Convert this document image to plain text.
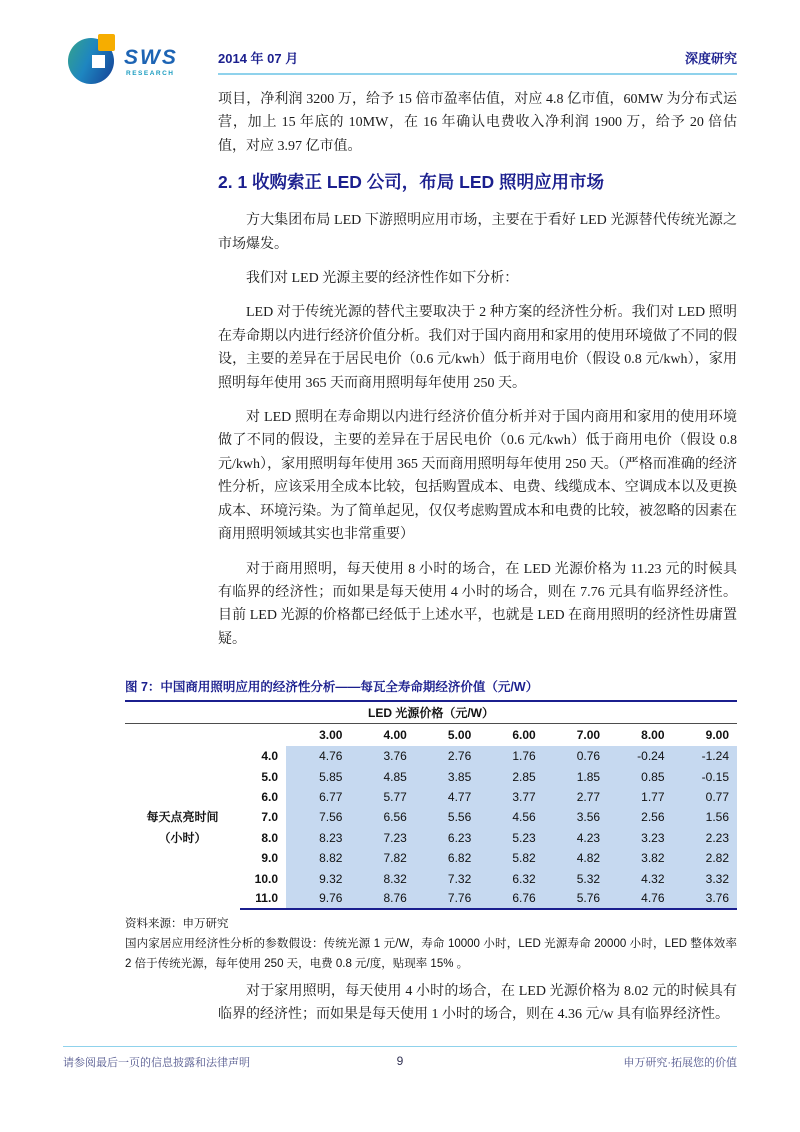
SWS
RESEARCH
2014 年 07 月	深度研究

项目，净利润 3200 万，给予 15 倍市盈率估值，对应 4.8 亿市值，60MW 为分布式运营，加上 15 年底的 10MW，在 16 年确认电费收入净利润 1900 万，给予 20 倍估值，对应 3.97 亿市值。

2. 1 收购索正 LED 公司，布局 LED 照明应用市场

方大集团布局 LED 下游照明应用市场，主要在于看好 LED 光源替代传统光源之市场爆发。

我们对 LED 光源主要的经济性作如下分析：

LED 对于传统光源的替代主要取决于 2 种方案的经济性分析。我们对 LED 照明在寿命期以内进行经济价值分析。我们对于国内商用和家用的使用环境做了不同的假设，主要的差异在于居民电价（0.6 元/kwh）低于商用电价（假设 0.8 元/kwh），家用照明每年使用 365 天而商用照明每年使用 250 天。

对 LED 照明在寿命期以内进行经济价值分析并对于国内商用和家用的使用环境做了不同的假设，主要的差异在于居民电价（0.6 元/kwh）低于商用电价（假设 0.8 元/kwh），家用照明每年使用 365 天而商用照明每年使用 250 天。（严格而准确的经济性分析，应该采用全成本比较，包括购置成本、电费、线缆成本、空调成本以及更换成本、环境污染。为了简单起见，仅仅考虑购置成本和电费的比较，被忽略的因素在商用照明领域其实也非常重要）

对于商用照明，每天使用 8 小时的场合，在 LED 光源价格为 11.23 元的时候具有临界的经济性；而如果是每天使用 4 小时的场合，则在 7.76 元具有临界经济性。目前 LED 光源的价格都已经低于上述水平，也就是 LED 在商用照明的经济性毋庸置疑。

图 7：中国商用照明应用的经济性分析——每瓦全寿命期经济价值（元/W）
LED 光源价格（元/W）								
		3.00	4.00	5.00	6.00	7.00	8.00	9.00

每天点亮时间
（小时）	4.0	4.76	3.76	2.76	1.76	0.76	-0.24	-1.24
	5.0	5.85	4.85	3.85	2.85	1.85	0.85	-0.15
	6.0	6.77	5.77	4.77	3.77	2.77	1.77	0.77
	7.0	7.56	6.56	5.56	4.56	3.56	2.56	1.56
	8.0	8.23	7.23	6.23	5.23	4.23	3.23	2.23
	9.0	8.82	7.82	6.82	5.82	4.82	3.82	2.82
	10.0	9.32	8.32	7.32	6.32	5.32	4.32	3.32
	11.0	9.76	8.76	7.76	6.76	5.76	4.76	3.76
资料来源：申万研究
国内家居应用经济性分析的参数假设：传统光源 1 元/W，寿命 10000 小时，LED 光源寿命 20000 小时，LED 整体效率 2 倍于传统光源，每年使用 250 天，电费 0.8 元/度，贴现率 15% 。

对于家用照明，每天使用 4 小时的场合，在 LED 光源价格为 8.02 元的时候具有临界的经济性；而如果是每天使用 1 小时的场合，则在 4.36 元/w 具有临界经济性。

请参阅最后一页的信息披露和法律声明	9	申万研究·拓展您的价值
